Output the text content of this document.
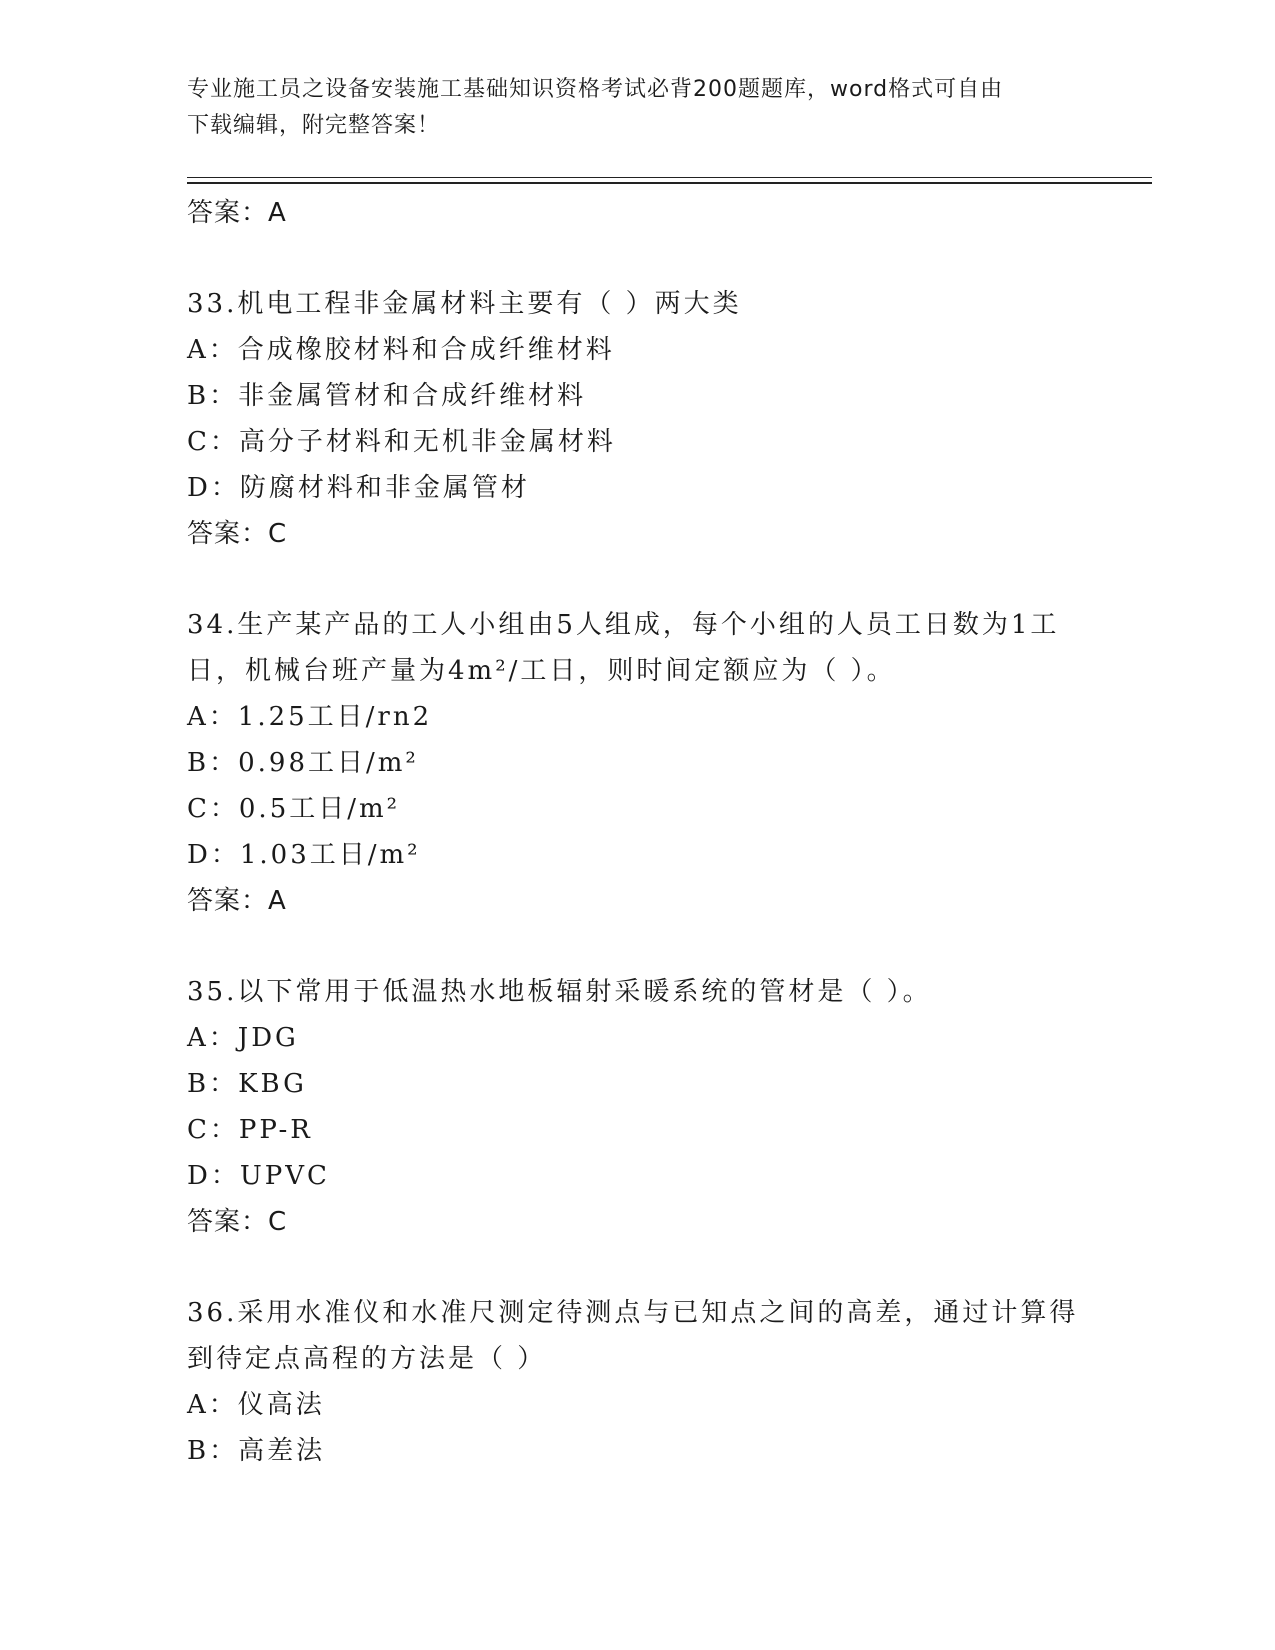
专业施工员之设备安装施工基础知识资格考试必背200题题库，word格式可自由
下载编辑，附完整答案！
答案：A
33.机电工程非金属材料主要有（ ）两大类
A：合成橡胶材料和合成纤维材料
B：非金属管材和合成纤维材料
C：高分子材料和无机非金属材料
D：防腐材料和非金属管材
答案：C
34.生产某产品的工人小组由5人组成，每个小组的人员工日数为1工
日，机械台班产量为4m²/工日，则时间定额应为（ ）。
A：1.25工日/rn2
B：0.98工日/m²
C：0.5工日/m²
D：1.03工日/m²
答案：A
35.以下常用于低温热水地板辐射采暖系统的管材是（ ）。
A：JDG
B：KBG
C：PP-R
D：UPVC
答案：C
36.采用水准仪和水准尺测定待测点与已知点之间的高差，通过计算得
到待定点高程的方法是（ ）
A：仪高法
B：高差法
